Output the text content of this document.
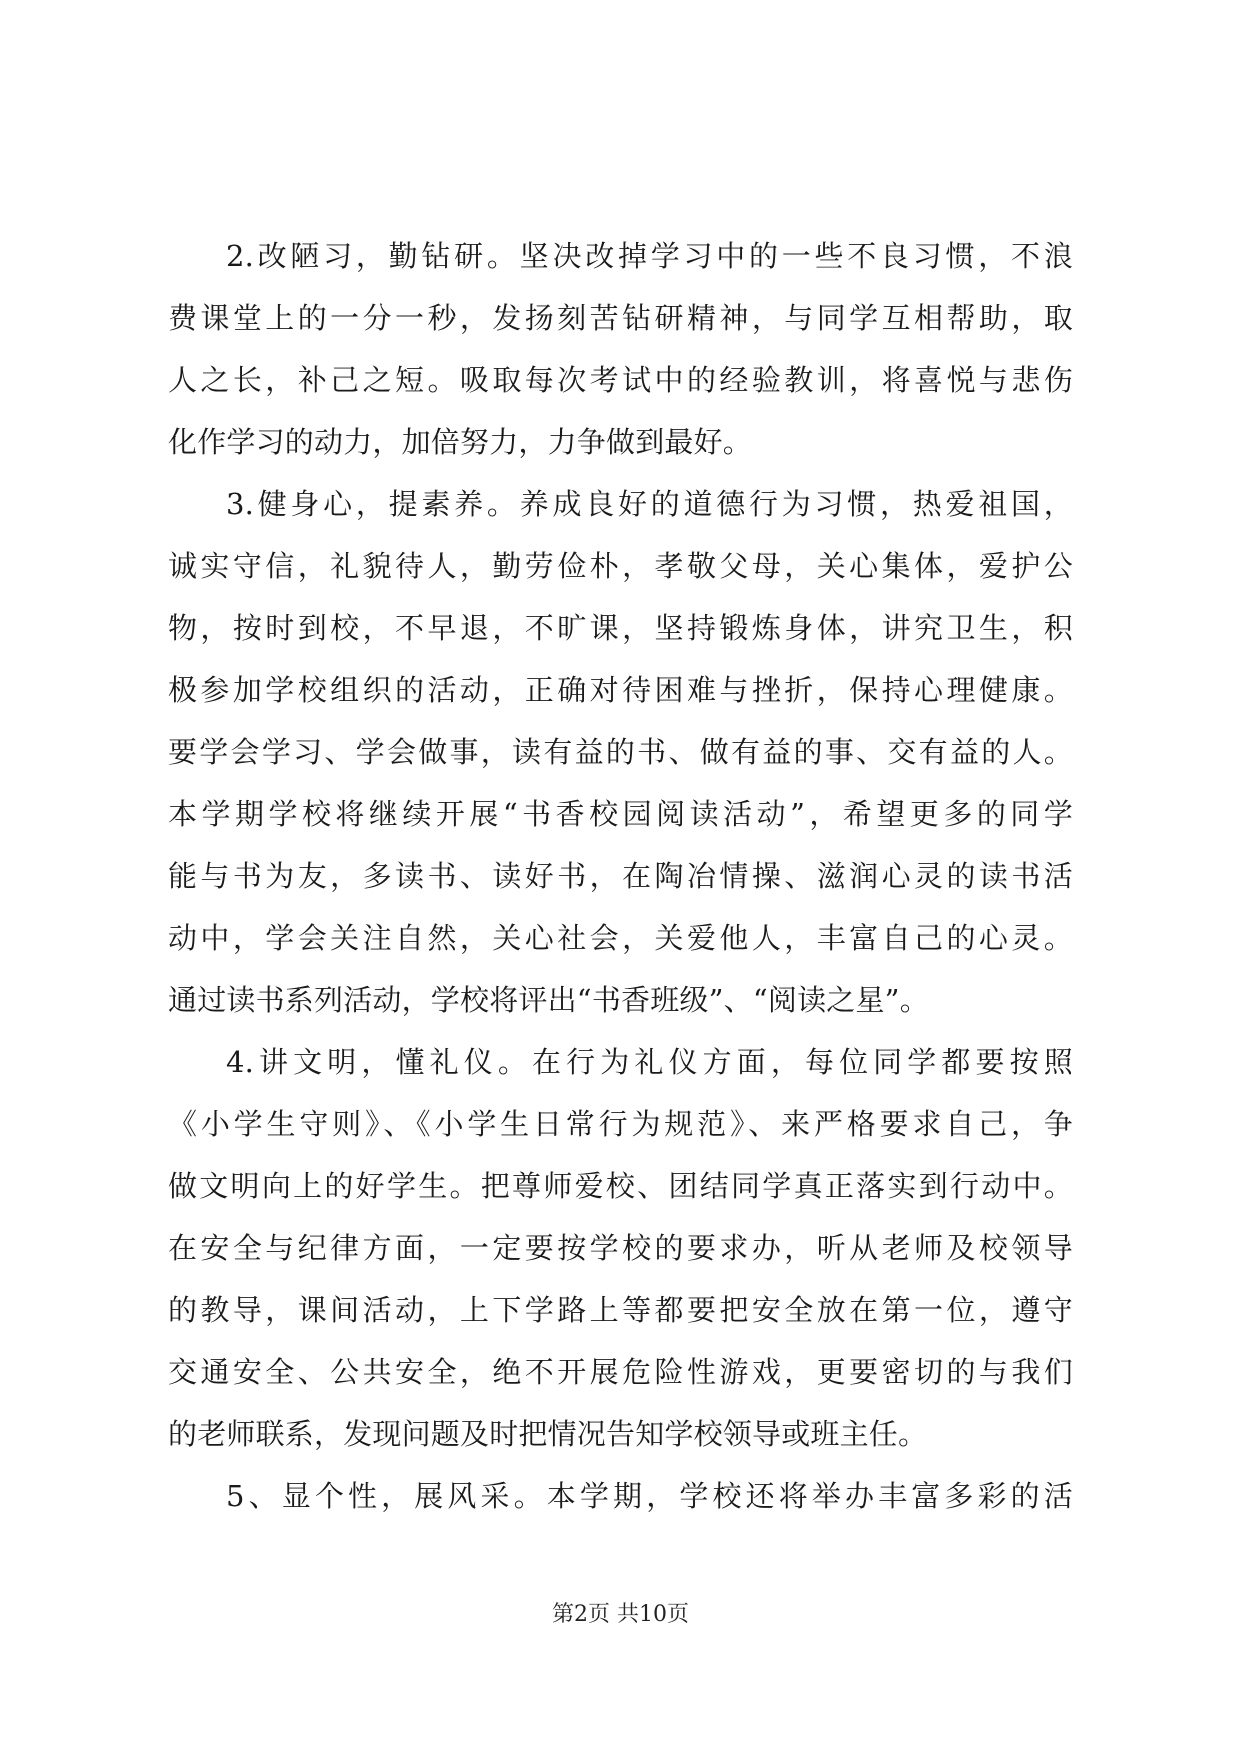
2.改陋习，勤钻研。坚决改掉学习中的一些不良习惯，不浪
费课堂上的一分一秒，发扬刻苦钻研精神，与同学互相帮助，取
人之长，补己之短。吸取每次考试中的经验教训，将喜悦与悲伤
化作学习的动力，加倍努力，力争做到最好。
3.健身心，提素养。养成良好的道德行为习惯，热爱祖国，
诚实守信，礼貌待人，勤劳俭朴，孝敬父母，关心集体，爱护公
物，按时到校，不早退，不旷课，坚持锻炼身体，讲究卫生，积
极参加学校组织的活动，正确对待困难与挫折，保持心理健康。
要学会学习、学会做事，读有益的书、做有益的事、交有益的人。
本学期学校将继续开展“书香校园阅读活动”，希望更多的同学
能与书为友，多读书、读好书，在陶冶情操、滋润心灵的读书活
动中，学会关注自然，关心社会，关爱他人，丰富自己的心灵。
通过读书系列活动，学校将评出“书香班级”、“阅读之星”。
4.讲文明，懂礼仪。在行为礼仪方面，每位同学都要按照
《小学生守则》、《小学生日常行为规范》、来严格要求自己，争
做文明向上的好学生。把尊师爱校、团结同学真正落实到行动中。
在安全与纪律方面，一定要按学校的要求办，听从老师及校领导
的教导，课间活动，上下学路上等都要把安全放在第一位，遵守
交通安全、公共安全，绝不开展危险性游戏，更要密切的与我们
的老师联系，发现问题及时把情况告知学校领导或班主任。
5、显个性，展风采。本学期，学校还将举办丰富多彩的活
第2页 共10页
